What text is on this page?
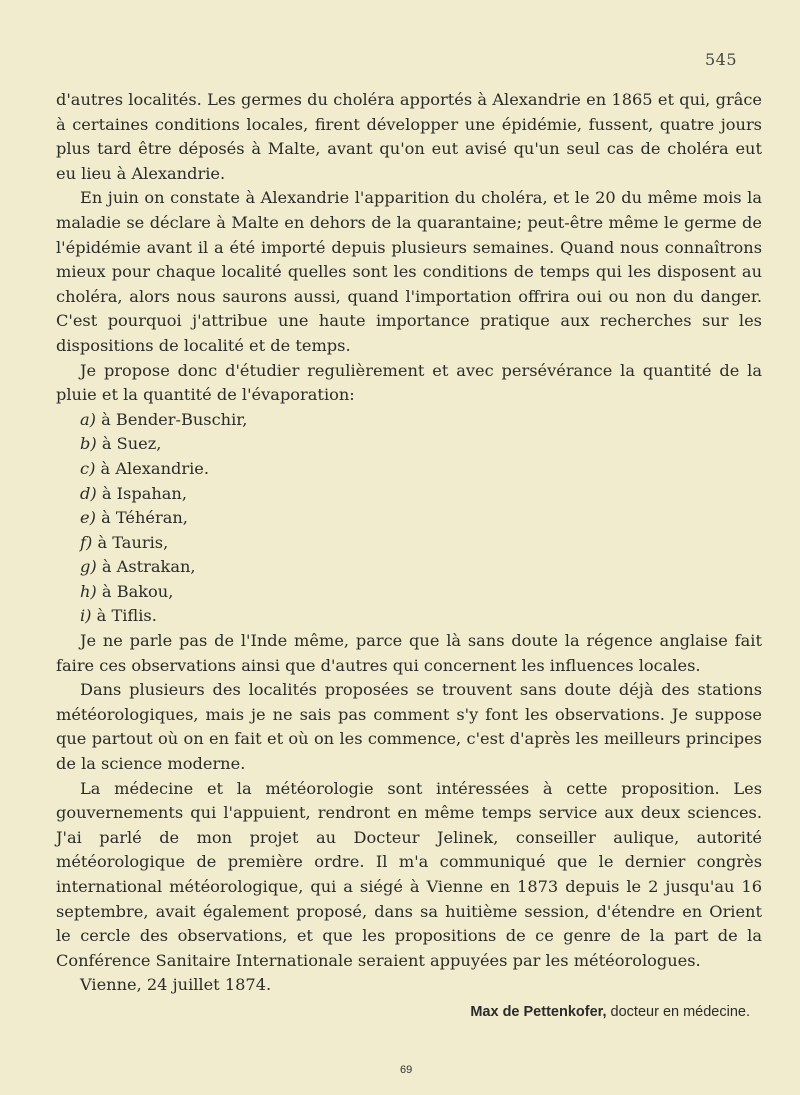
545

d'autres localités. Les germes du choléra apportés à Alexandrie en 1865 et qui, grâce à certaines conditions locales, firent développer une épidémie, fussent, quatre jours plus tard être déposés à Malte, avant qu'on eut avisé qu'un seul cas de choléra eut eu lieu à Alexandrie.

En juin on constate à Alexandrie l'apparition du choléra, et le 20 du même mois la maladie se déclare à Malte en dehors de la quarantaine; peut-être même le germe de l'épidémie avant il a été importé depuis plusieurs semaines. Quand nous connaîtrons mieux pour chaque localité quelles sont les conditions de temps qui les disposent au choléra, alors nous saurons aussi, quand l'importation offrira oui ou non du danger. C'est pourquoi j'attribue une haute importance pratique aux recherches sur les dispositions de localité et de temps.

Je propose donc d'étudier regulièrement et avec persévérance la quantité de la pluie et la quantité de l'évaporation:

a) à Bender-Buschir,
b) à Suez,
c) à Alexandrie.
d) à Ispahan,
e) à Téhéran,
f) à Tauris,
g) à Astrakan,
h) à Bakou,
i) à Tiflis.

Je ne parle pas de l'Inde même, parce que là sans doute la régence anglaise fait faire ces observations ainsi que d'autres qui concernent les influences locales.

Dans plusieurs des localités proposées se trouvent sans doute déjà des stations météorologiques, mais je ne sais pas comment s'y font les observations. Je suppose que partout où on en fait et où on les commence, c'est d'après les meilleurs principes de la science moderne.

La médecine et la météorologie sont intéressées à cette proposition. Les gouvernements qui l'appuient, rendront en même temps service aux deux sciences. J'ai parlé de mon projet au Docteur Jelinek, conseiller aulique, autorité météorologique de première ordre. Il m'a communiqué que le dernier congrès international météorologique, qui a siégé à Vienne en 1873 depuis le 2 jusqu'au 16 septembre, avait également proposé, dans sa huitième session, d'étendre en Orient le cercle des observations, et que les propositions de ce genre de la part de la Conférence Sanitaire Internationale seraient appuyées par les météorologues.

Vienne, 24 juillet 1874.

Max de Pettenkofer, docteur en médecine.
69
